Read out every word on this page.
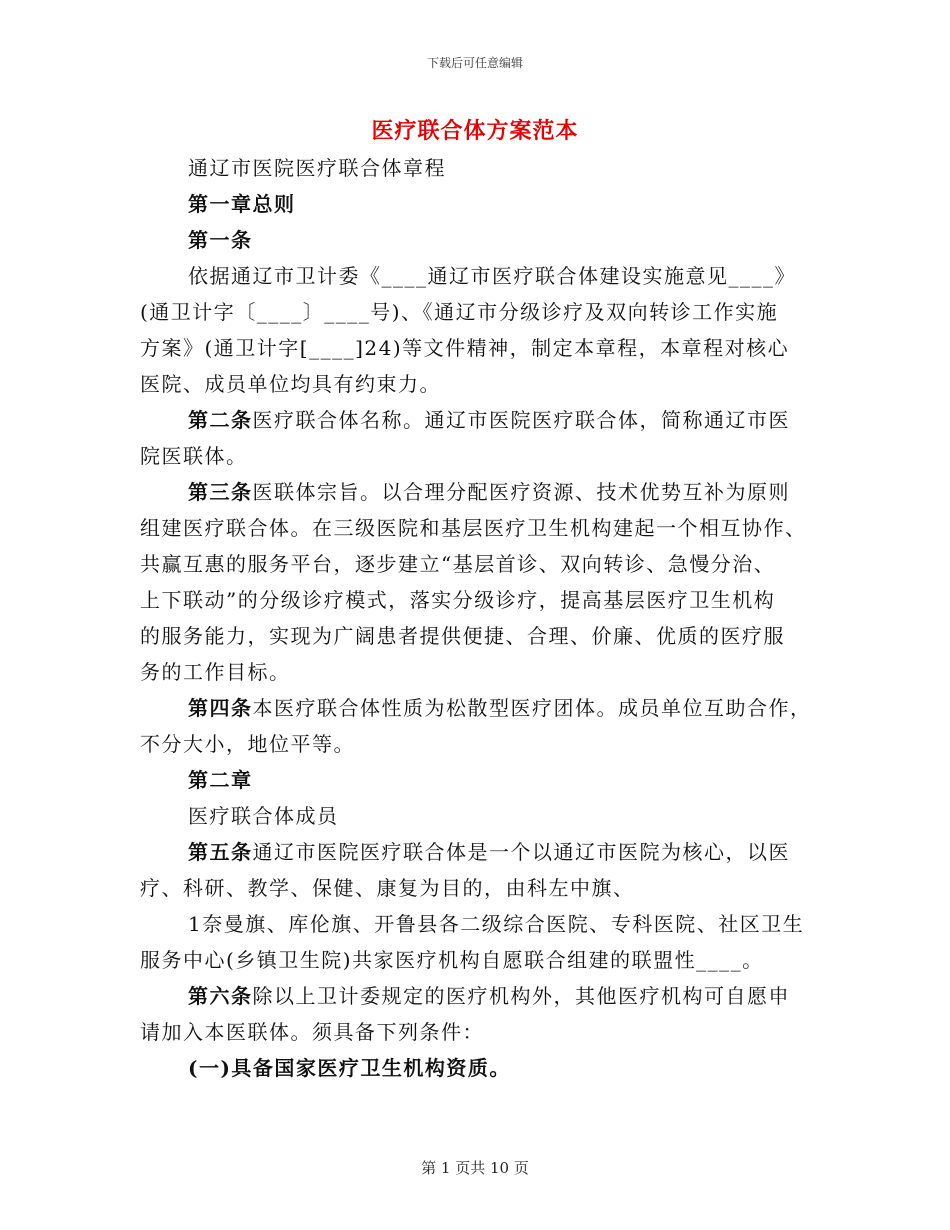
下载后可任意编辑
医疗联合体方案范本

通辽市医院医疗联合体章程

第一章总则

第一条

依据通辽市卫计委《____通辽市医疗联合体建设实施意见____》

(通卫计字〔____〕____号)、《通辽市分级诊疗及双向转诊工作实施

方案》(通卫计字[____]24)等文件精神，制定本章程，本章程对核心

医院、成员单位均具有约束力。

第二条医疗联合体名称。通辽市医院医疗联合体，简称通辽市医

院医联体。

第三条医联体宗旨。以合理分配医疗资源、技术优势互补为原则

组建医疗联合体。在三级医院和基层医疗卫生机构建起一个相互协作、

共赢互惠的服务平台，逐步建立“基层首诊、双向转诊、急慢分治、

上下联动”的分级诊疗模式，落实分级诊疗，提高基层医疗卫生机构

的服务能力，实现为广阔患者提供便捷、合理、价廉、优质的医疗服

务的工作目标。

第四条本医疗联合体性质为松散型医疗团体。成员单位互助合作，

不分大小，地位平等。

第二章

医疗联合体成员

第五条通辽市医院医疗联合体是一个以通辽市医院为核心，以医

疗、科研、教学、保健、康复为目的，由科左中旗、

1奈曼旗、库伦旗、开鲁县各二级综合医院、专科医院、社区卫生

服务中心(乡镇卫生院)共家医疗机构自愿联合组建的联盟性____。

第六条除以上卫计委规定的医疗机构外，其他医疗机构可自愿申

请加入本医联体。须具备下列条件：

(一)具备国家医疗卫生机构资质。

第 1 页共 10 页
